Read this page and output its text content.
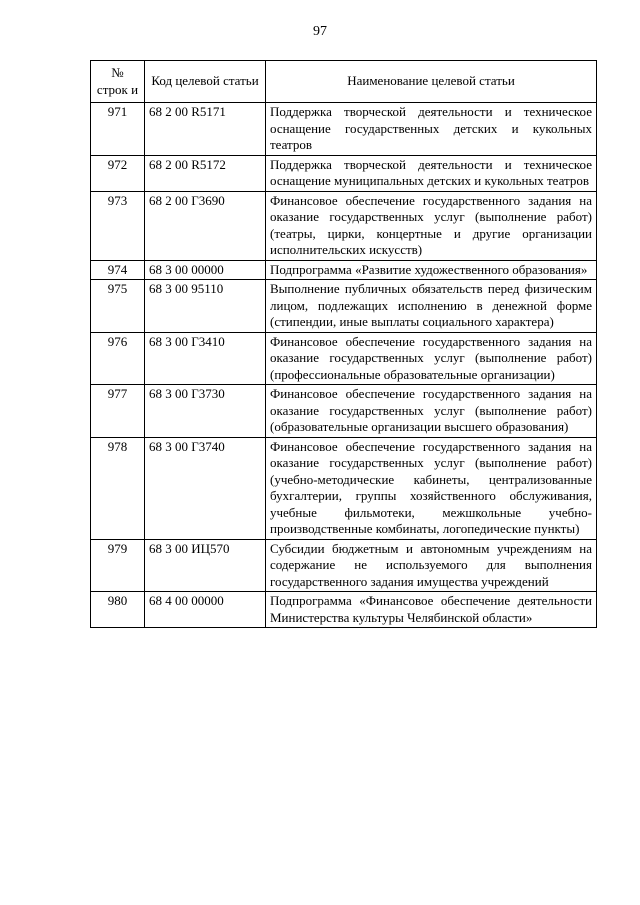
97
№ строк и	Код целевой статьи	Наименование целевой статьи
971	68 2 00 R5171	Поддержка творческой деятельности и техническое оснащение государственных детских и кукольных театров
972	68 2 00 R5172	Поддержка творческой деятельности и техническое оснащение муниципальных детских и кукольных театров
973	68 2 00 Г3690	Финансовое обеспечение государственного задания на оказание государственных услуг (выполнение работ) (театры, цирки, концертные и другие организации исполнительских искусств)
974	68 3 00 00000	Подпрограмма «Развитие художественного образования»
975	68 3 00 95110	Выполнение публичных обязательств перед физическим лицом, подлежащих исполнению в денежной форме (стипендии, иные выплаты социального характера)
976	68 3 00 Г3410	Финансовое обеспечение государственного задания на оказание государственных услуг (выполнение работ) (профессиональные образовательные организации)
977	68 3 00 Г3730	Финансовое обеспечение государственного задания на оказание государственных услуг (выполнение работ) (образовательные организации высшего образования)
978	68 3 00 Г3740	Финансовое обеспечение государственного задания на оказание государственных услуг (выполнение работ) (учебно-методические кабинеты, централизованные бухгалтерии, группы хозяйственного обслуживания, учебные фильмотеки, межшкольные учебно-производственные комбинаты, логопедические пункты)
979	68 3 00 ИЦ570	Субсидии бюджетным и автономным учреждениям на содержание не используемого для выполнения государственного задания имущества учреждений
980	68 4 00 00000	Подпрограмма «Финансовое обеспечение деятельности Министерства культуры Челябинской области»
